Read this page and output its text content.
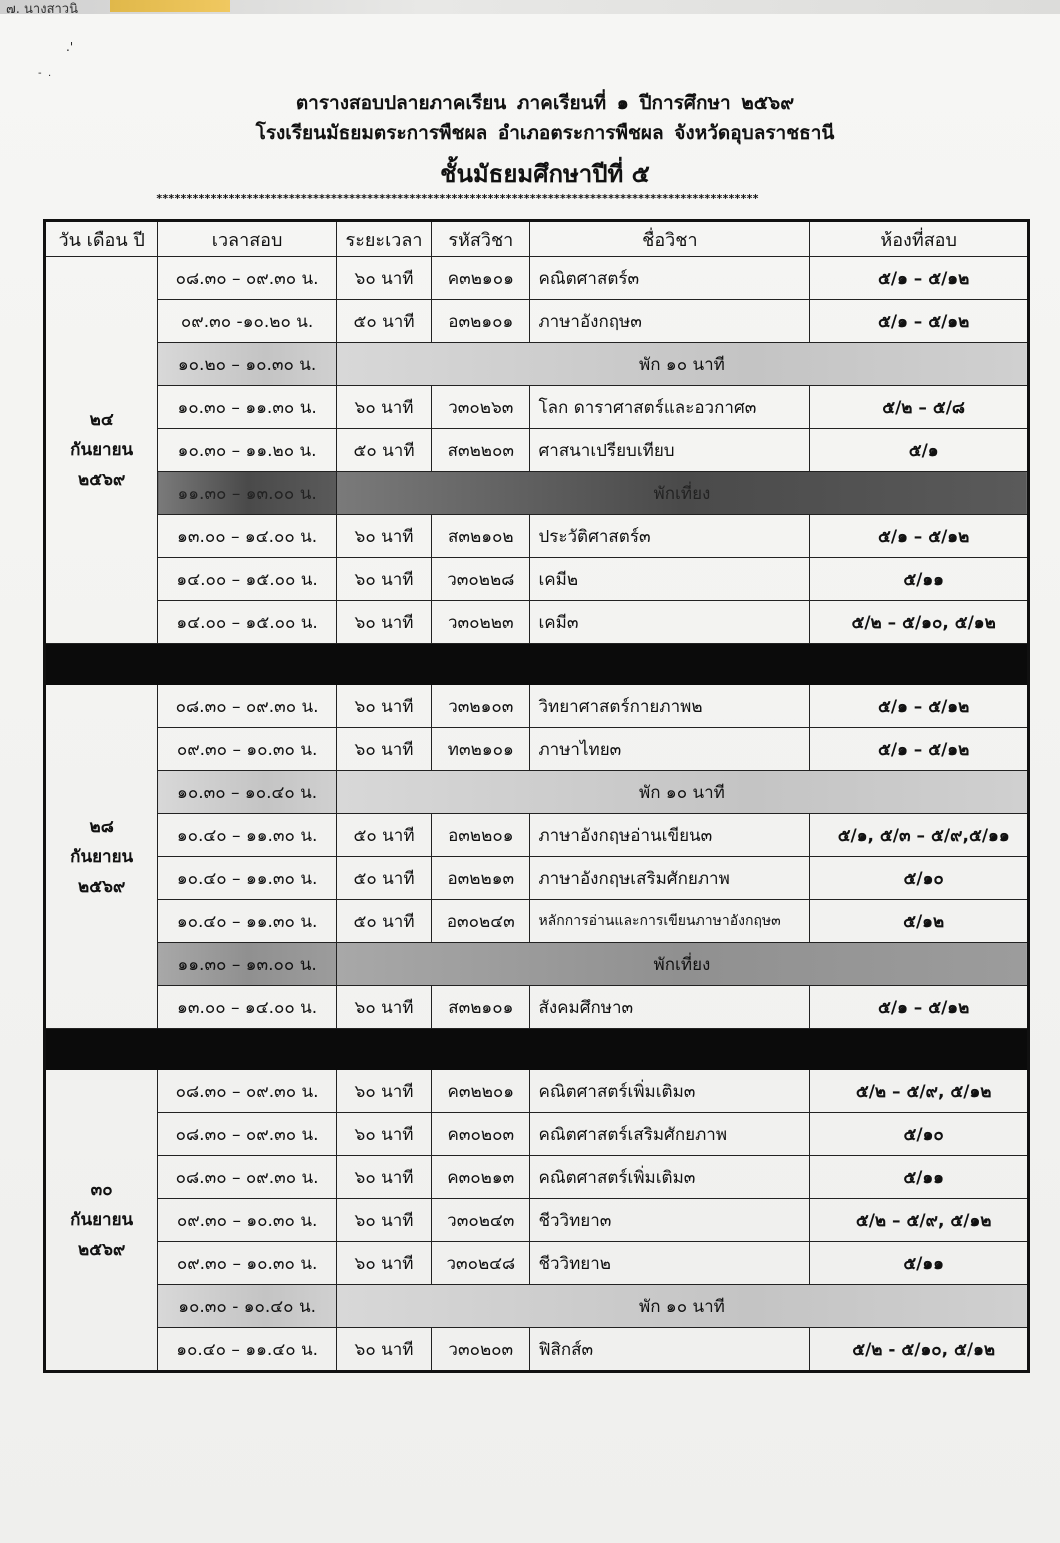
๗. นางสาวนิ
.'
-  .
ตารางสอบปลายภาคเรียน ภาคเรียนที่ ๑ ปีการศึกษา ๒๕๖๙
โรงเรียนมัธยมตระการพืชผล อำเภอตระการพืชผล จังหวัดอุบลราชธานี
ชั้นมัธยมศึกษาปีที่ ๕
****************************************************************************************************
วัน เดือน ปี	เวลาสอบ	ระยะเวลา	รหัสวิชา	ชื่อวิชา	ห้องที่สอบ

๒๔
กันยายน
๒๕๖๙	๐๘.๓๐ – ๐๙.๓๐ น.	๖๐ นาที	ค๓๒๑๐๑	คณิตศาสตร์๓	๕/๑ – ๕/๑๒
	๐๙.๓๐ -๑๐.๒๐ น.	๕๐ นาที	อ๓๒๑๐๑	ภาษาอังกฤษ๓	๕/๑ – ๕/๑๒
	๑๐.๒๐ – ๑๐.๓๐ น.	พัก ๑๐ นาที			
	๑๐.๓๐ – ๑๑.๓๐ น.	๖๐ นาที	ว๓๐๒๖๓	โลก ดาราศาสตร์และอวกาศ๓	๕/๒ – ๕/๘
	๑๐.๓๐ – ๑๑.๒๐ น.	๕๐ นาที	ส๓๒๒๐๓	ศาสนาเปรียบเทียบ	๕/๑
	๑๑.๓๐ – ๑๓.๐๐ น.	พักเที่ยง			
	๑๓.๐๐ – ๑๔.๐๐ น.	๖๐ นาที	ส๓๒๑๐๒	ประวัติศาสตร์๓	๕/๑ – ๕/๑๒
	๑๔.๐๐ – ๑๕.๐๐ น.	๖๐ นาที	ว๓๐๒๒๘	เคมี๒	๕/๑๑
	๑๔.๐๐ – ๑๕.๐๐ น.	๖๐ นาที	ว๓๐๒๒๓	เคมี๓	๕/๒ – ๕/๑๐, ๕/๑๒

๒๘
กันยายน
๒๕๖๙	๐๘.๓๐ – ๐๙.๓๐ น.	๖๐ นาที	ว๓๒๑๐๓	วิทยาศาสตร์กายภาพ๒	๕/๑ – ๕/๑๒
	๐๙.๓๐ – ๑๐.๓๐ น.	๖๐ นาที	ท๓๒๑๐๑	ภาษาไทย๓	๕/๑ – ๕/๑๒
	๑๐.๓๐ – ๑๐.๔๐ น.	พัก ๑๐ นาที			
	๑๐.๔๐ – ๑๑.๓๐ น.	๕๐ นาที	อ๓๒๒๐๑	ภาษาอังกฤษอ่านเขียน๓	๕/๑, ๕/๓ – ๕/๙,๕/๑๑
	๑๐.๔๐ – ๑๑.๓๐ น.	๕๐ นาที	อ๓๒๒๑๓	ภาษาอังกฤษเสริมศักยภาพ	๕/๑๐
	๑๐.๔๐ – ๑๑.๓๐ น.	๕๐ นาที	อ๓๐๒๔๓	หลักการอ่านและการเขียนภาษาอังกฤษ๓	๕/๑๒
	๑๑.๓๐ – ๑๓.๐๐ น.	พักเที่ยง			
	๑๓.๐๐ – ๑๔.๐๐ น.	๖๐ นาที	ส๓๒๑๐๑	สังคมศึกษา๓	๕/๑ – ๕/๑๒

๓๐
กันยายน
๒๕๖๙	๐๘.๓๐ – ๐๙.๓๐ น.	๖๐ นาที	ค๓๒๒๐๑	คณิตศาสตร์เพิ่มเติม๓	๕/๒ – ๕/๙, ๕/๑๒
	๐๘.๓๐ – ๐๙.๓๐ น.	๖๐ นาที	ค๓๐๒๐๓	คณิตศาสตร์เสริมศักยภาพ	๕/๑๐
	๐๘.๓๐ – ๐๙.๓๐ น.	๖๐ นาที	ค๓๐๒๑๓	คณิตศาสตร์เพิ่มเติม๓	๕/๑๑
	๐๙.๓๐ – ๑๐.๓๐ น.	๖๐ นาที	ว๓๐๒๔๓	ชีววิทยา๓	๕/๒ – ๕/๙, ๕/๑๒
	๐๙.๓๐ – ๑๐.๓๐ น.	๖๐ นาที	ว๓๐๒๔๘	ชีววิทยา๒	๕/๑๑
	๑๐.๓๐ - ๑๐.๔๐ น.	พัก ๑๐ นาที			
	๑๐.๔๐ – ๑๑.๔๐ น.	๖๐ นาที	ว๓๐๒๐๓	ฟิสิกส์๓	๕/๒ - ๕/๑๐, ๕/๑๒
